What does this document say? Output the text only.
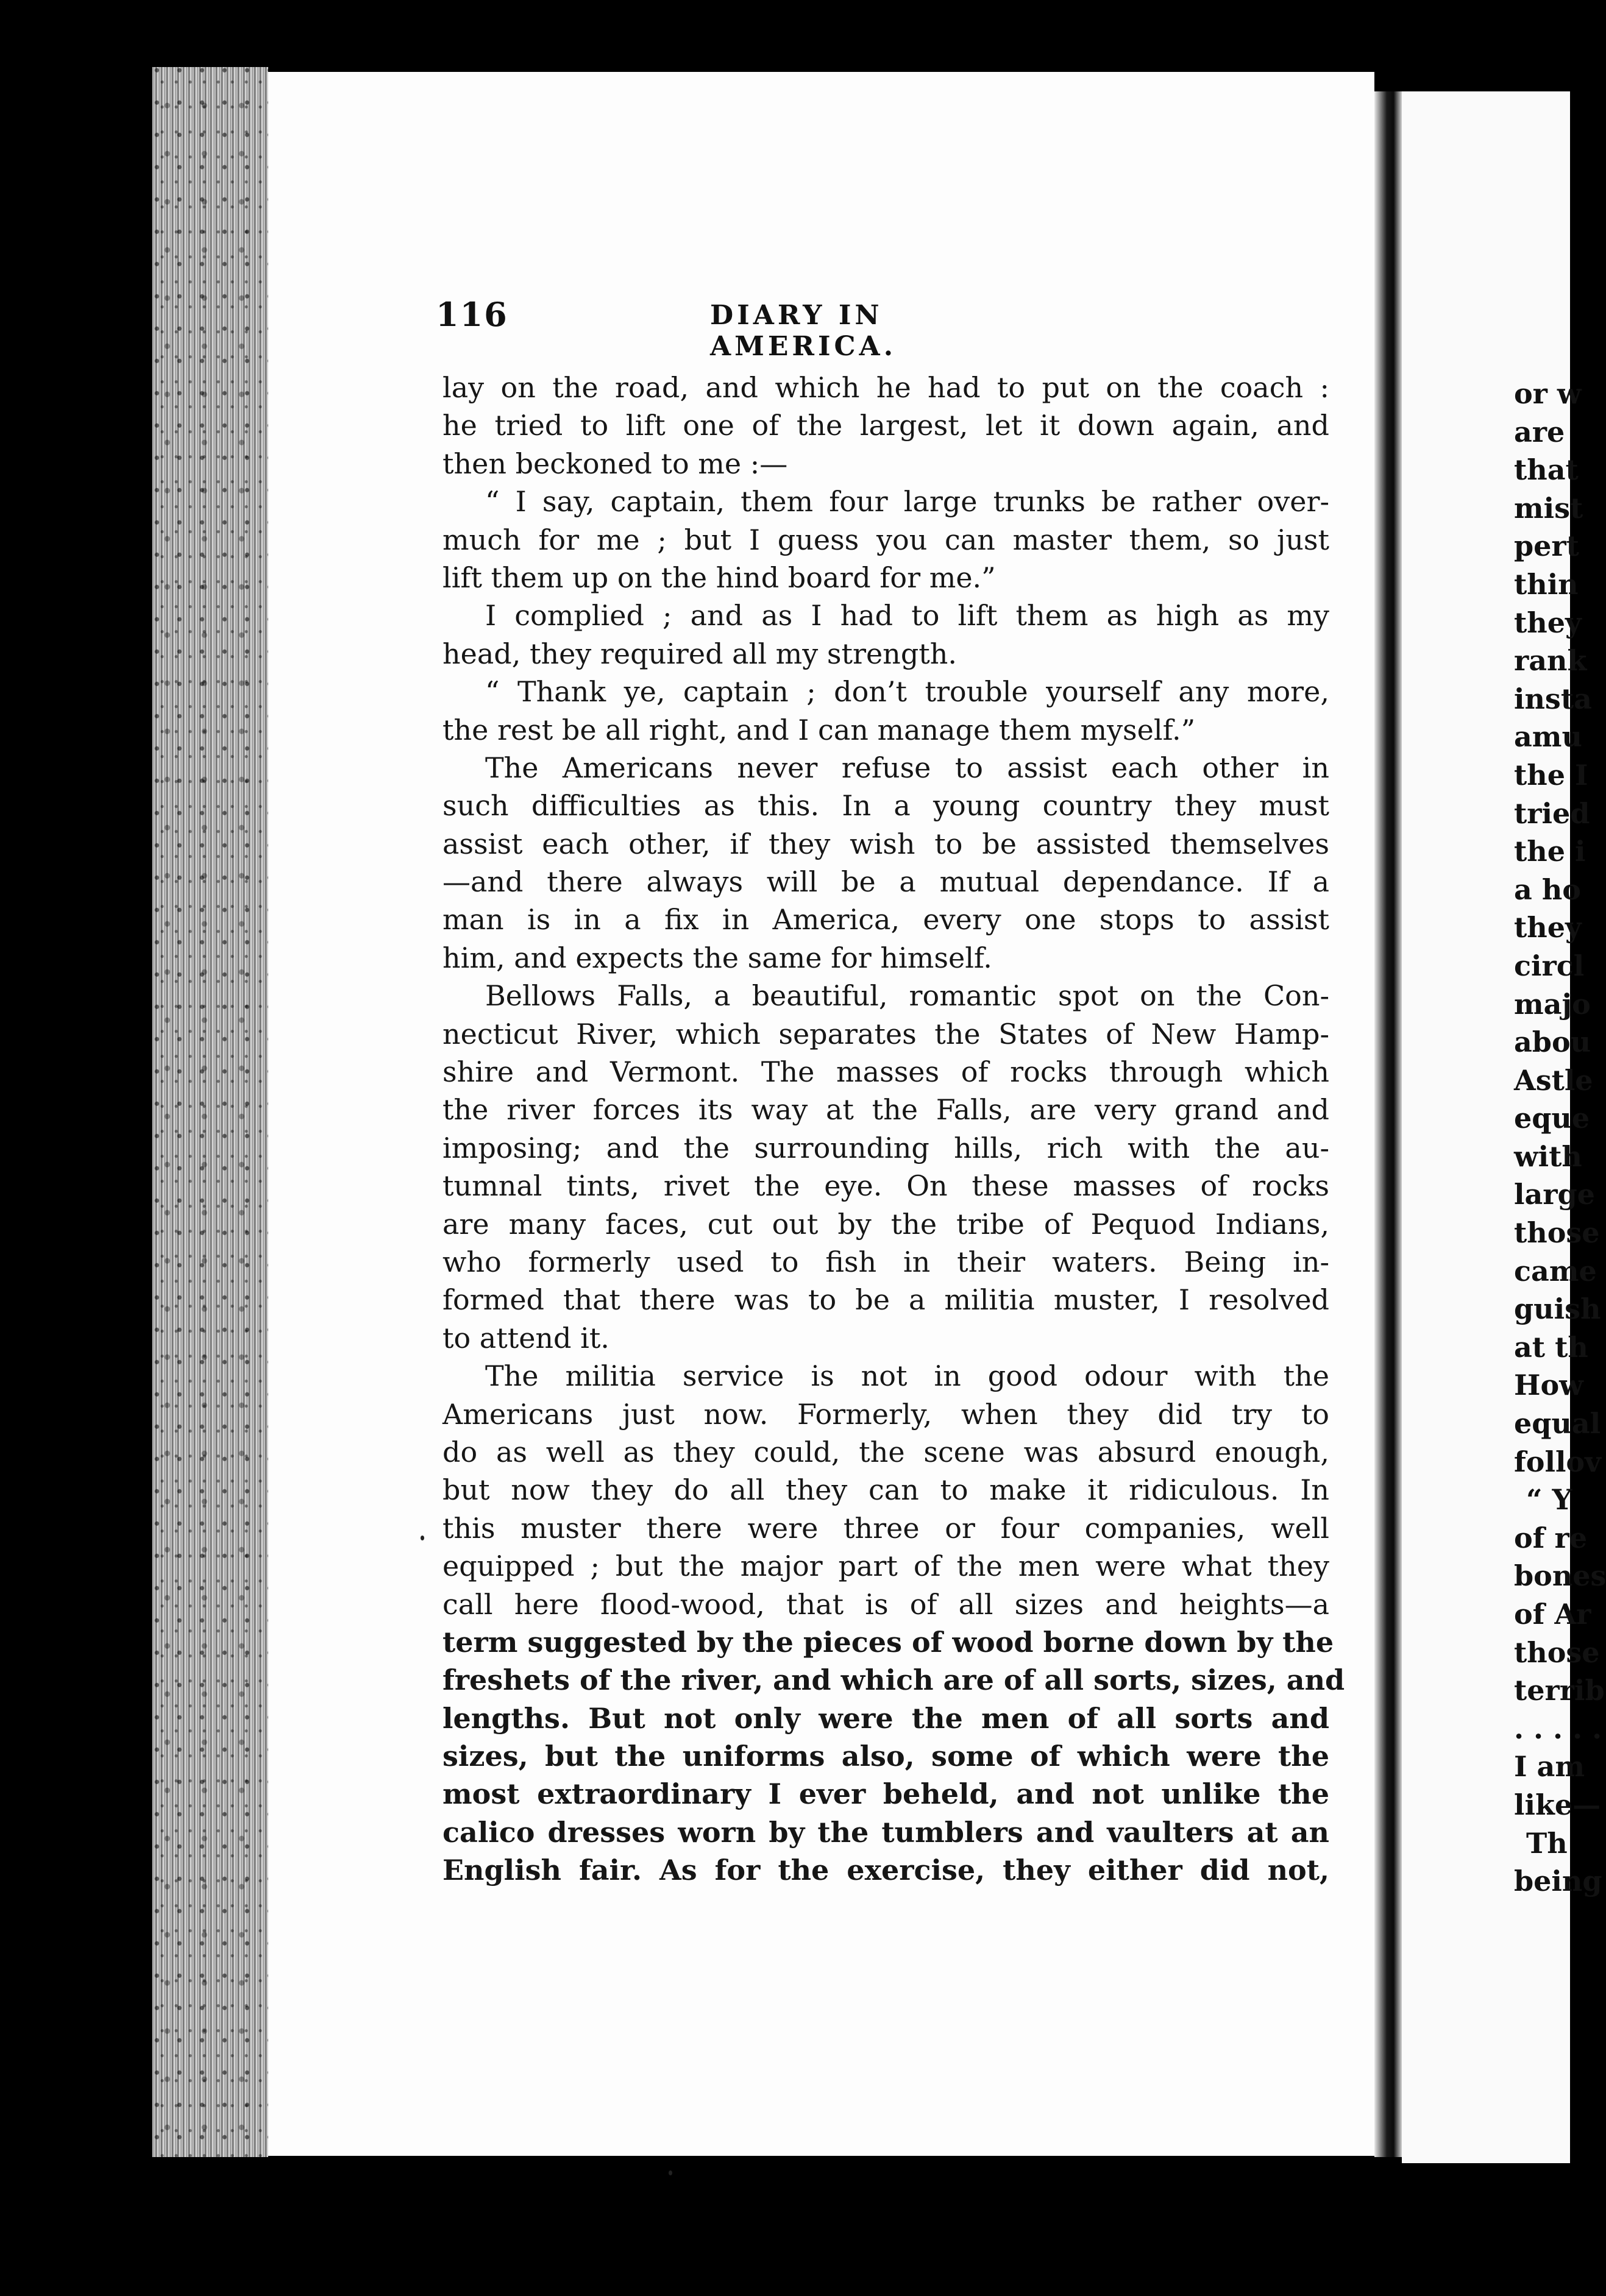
116	DIARY IN AMERICA.
lay on the road, and which he had to put on the coach :
he tried to lift one of the largest, let it down again, and
then beckoned to me :—
“ I say, captain, them four large trunks be rather over-
much for me ; but I guess you can master them, so just
lift them up on the hind board for me.”
I complied ; and as I had to lift them as high as my
head, they required all my strength.
“ Thank ye, captain ; don’t trouble yourself any more,
the rest be all right, and I can manage them myself.”
The Americans never refuse to assist each other in
such difficulties as this. In a young country they must
assist each other, if they wish to be assisted themselves
—and there always will be a mutual dependance. If a
man is in a fix in America, every one stops to assist
him, and expects the same for himself.
Bellows Falls, a beautiful, romantic spot on the Con-
necticut River, which separates the States of New Hamp-
shire and Vermont. The masses of rocks through which
the river forces its way at the Falls, are very grand and
imposing; and the surrounding hills, rich with the au-
tumnal tints, rivet the eye. On these masses of rocks
are many faces, cut out by the tribe of Pequod Indians,
who formerly used to fish in their waters. Being in-
formed that there was to be a militia muster, I resolved
to attend it.
The militia service is not in good odour with the
Americans just now. Formerly, when they did try to
do as well as they could, the scene was absurd enough,
but now they do all they can to make it ridiculous. In
this muster there were three or four companies, well
equipped ; but the major part of the men were what they
call here flood-wood, that is of all sizes and heights—a
term suggested by the pieces of wood borne down by the
freshets of the river, and which are of all sorts, sizes, and
lengths. But not only were the men of all sorts and
sizes, but the uniforms also, some of which were the
most extraordinary I ever beheld, and not unlike the
calico dresses worn by the tumblers and vaulters at an
English fair. As for the exercise, they either did not,
or w
are
that
mist
pert
thin
they
rank
insta
amu
the I
tried
the i
a ho
they
circl
majo
abou
Astle
eque
with
large
those
came
guish
at th
How
equal
follov
“ Y
of re
bones
of Ar
those
terrib
. . . . .
I am
like—
Th
being
